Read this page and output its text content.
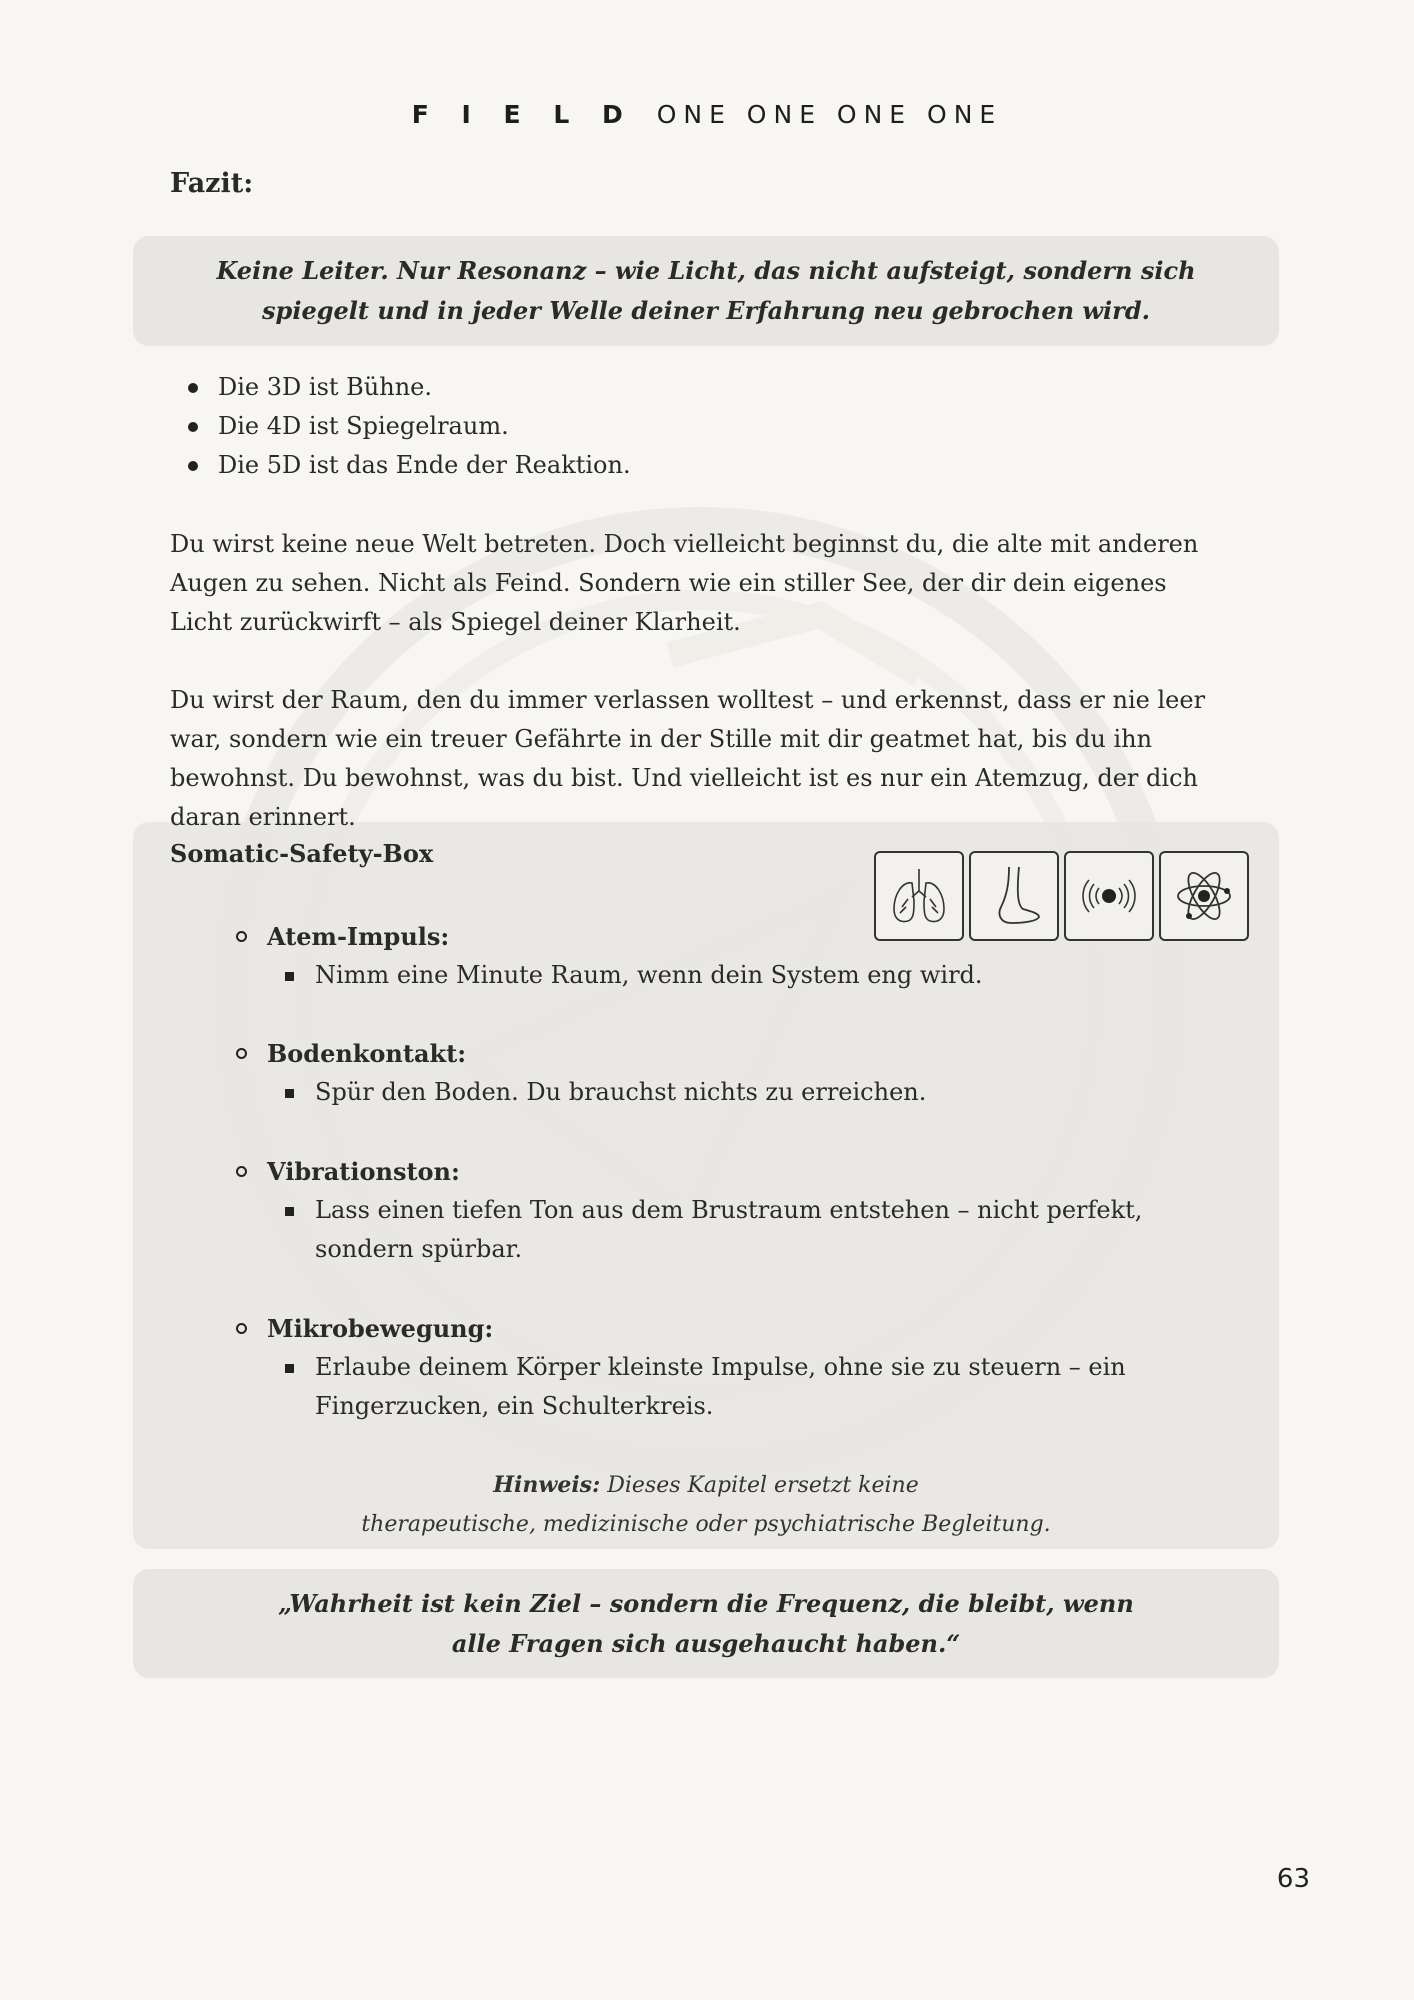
F I E L D ONE ONE ONE ONE
Fazit:
Keine Leiter. Nur Resonanz – wie Licht, das nicht aufsteigt, sondern sich
spiegelt und in jeder Welle deiner Erfahrung neu gebrochen wird.
Die 3D ist Bühne.
Die 4D ist Spiegelraum.
Die 5D ist das Ende der Reaktion.

Du wirst keine neue Welt betreten. Doch vielleicht beginnst du, die alte mit anderen Augen zu sehen. Nicht als Feind. Sondern wie ein stiller See, der dir dein eigenes Licht zurückwirft – als Spiegel deiner Klarheit.

Du wirst der Raum, den du immer verlassen wolltest – und erkennst, dass er nie leer war, sondern wie ein treuer Gefährte in der Stille mit dir geatmet hat, bis du ihn bewohnst. Du bewohnst, was du bist. Und vielleicht ist es nur ein Atemzug, der dich daran erinnert.

Somatic-Safety-Box
Atem-Impuls:
Nimm eine Minute Raum, wenn dein System eng wird.
Bodenkontakt:
Spür den Boden. Du brauchst nichts zu erreichen.
Vibrationston:
Lass einen tiefen Ton aus dem Brustraum entstehen – nicht perfekt, sondern spürbar.
Mikrobewegung:
Erlaube deinem Körper kleinste Impulse, ohne sie zu steuern – ein Fingerzucken, ein Schulterkreis.
Hinweis: Dieses Kapitel ersetzt keine
therapeutische, medizinische oder psychiatrische Begleitung.
„Wahrheit ist kein Ziel – sondern die Frequenz, die bleibt, wenn
alle Fragen sich ausgehaucht haben.“
63
